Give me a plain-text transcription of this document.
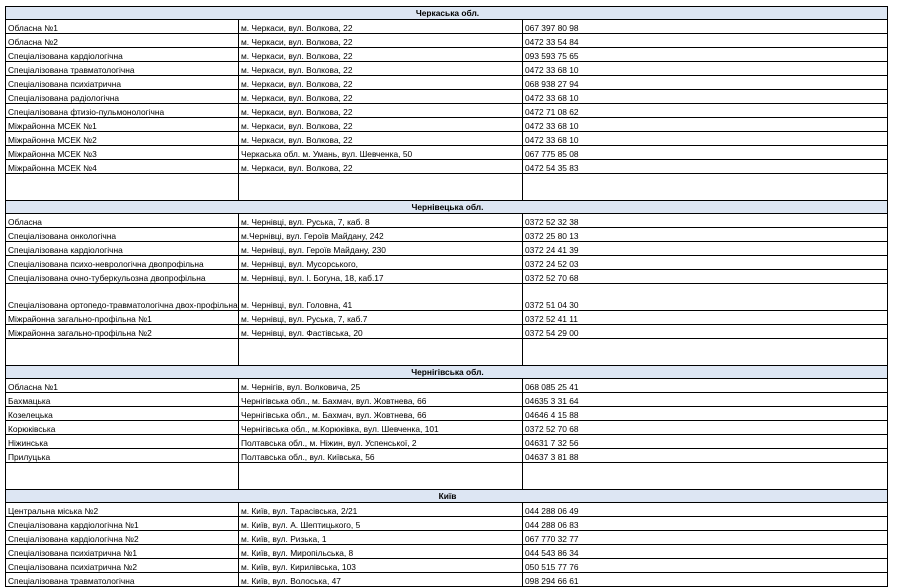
Черкаська обл.		
Обласна №1	м. Черкаси, вул. Волкова, 22	067 397 80 98
Обласна №2	м. Черкаси, вул. Волкова, 22	0472 33 54 84
Спеціалізована кардіологічна	м. Черкаси, вул. Волкова, 22	093 593 75 65
Спеціалізована травматологічна	м. Черкаси, вул. Волкова, 22	0472 33 68 10
Спеціалізована психіатрична	м. Черкаси, вул. Волкова, 22	068 938 27 94
Спеціалізована радіологічна	м. Черкаси, вул. Волкова, 22	0472 33 68 10
Спеціалізована фтизіо-пульмонологічна	м. Черкаси, вул. Волкова, 22	0472 71 08 62
Міжрайонна МСЕК №1	м. Черкаси, вул. Волкова, 22	0472 33 68 10
Міжрайонна МСЕК №2	м. Черкаси, вул. Волкова, 22	0472 33 68 10
Міжрайонна МСЕК №3	Черкаська обл. м. Умань, вул. Шевченка, 50	067 775 85 08
Міжрайонна МСЕК №4	м. Черкаси, вул. Волкова, 22	0472 54 35 83

Чернівецька обл.		
Обласна	м. Чернівці, вул. Руська, 7, каб. 8	0372 52 32 38
Спеціалізована онкологічна	м.Чернівці, вул. Героїв Майдану, 242	0372 25 80 13
Спеціалізована кардіологічна	м. Чернівці, вул. Героїв Майдану, 230	0372 24 41 39
Спеціалізована психо-неврологічна двопрофільна	м. Чернівці, вул. Мусорського,	0372 24 52 03
Спеціалізована очно-туберкульозна двопрофільна	м. Чернівці, вул. І. Богуна, 18, каб.17	0372 52 70 68
Спеціалізована ортопедо-травматологічна двох-профільна	м. Чернівці, вул. Головна, 41	0372 51 04 30
Міжрайонна загально-профільна №1	м. Чернівці, вул. Руська, 7, каб.7	0372 52 41 11
Міжрайонна загально-профільна №2	м. Чернівці, вул. Фастівська, 20	0372 54 29 00

Чернігівська обл.		
Обласна №1	м. Чернігів, вул. Волковича, 25	068 085 25 41
Бахмацька	Чернігівська обл., м. Бахмач, вул. Жовтнева, 66	04635 3 31 64
Козелецька	Чернігівська обл., м. Бахмач, вул. Жовтнева, 66	04646 4 15 88
Корюківська	Чернігівська обл., м.Корюківка, вул. Шевченка, 101	0372 52 70 68
Ніжинська	Полтавська обл., м. Ніжин, вул. Успенської, 2	04631 7 32 56
Прилуцька	Полтавська обл., вул. Київська, 56	04637 3 81 88

Київ		
Центральна міська №2	м. Київ, вул. Тарасівська, 2/21	044 288 06 49
Спеціалізована кардіологічна №1	м. Київ, вул. А. Шептицького, 5	044 288 06 83
Спеціалізована кардіологічна №2	м. Київ, вул. Ризька, 1	067 770 32 77
Спеціалізована психіатрична №1	м. Київ, вул. Миропільська, 8	044 543 86 34
Спеціалізована психіатрична №2	м. Київ, вул. Кирилівська, 103	050 515 77 76
Спеціалізована травматологічна	м. Київ, вул. Волоська, 47	098 294 66 61
